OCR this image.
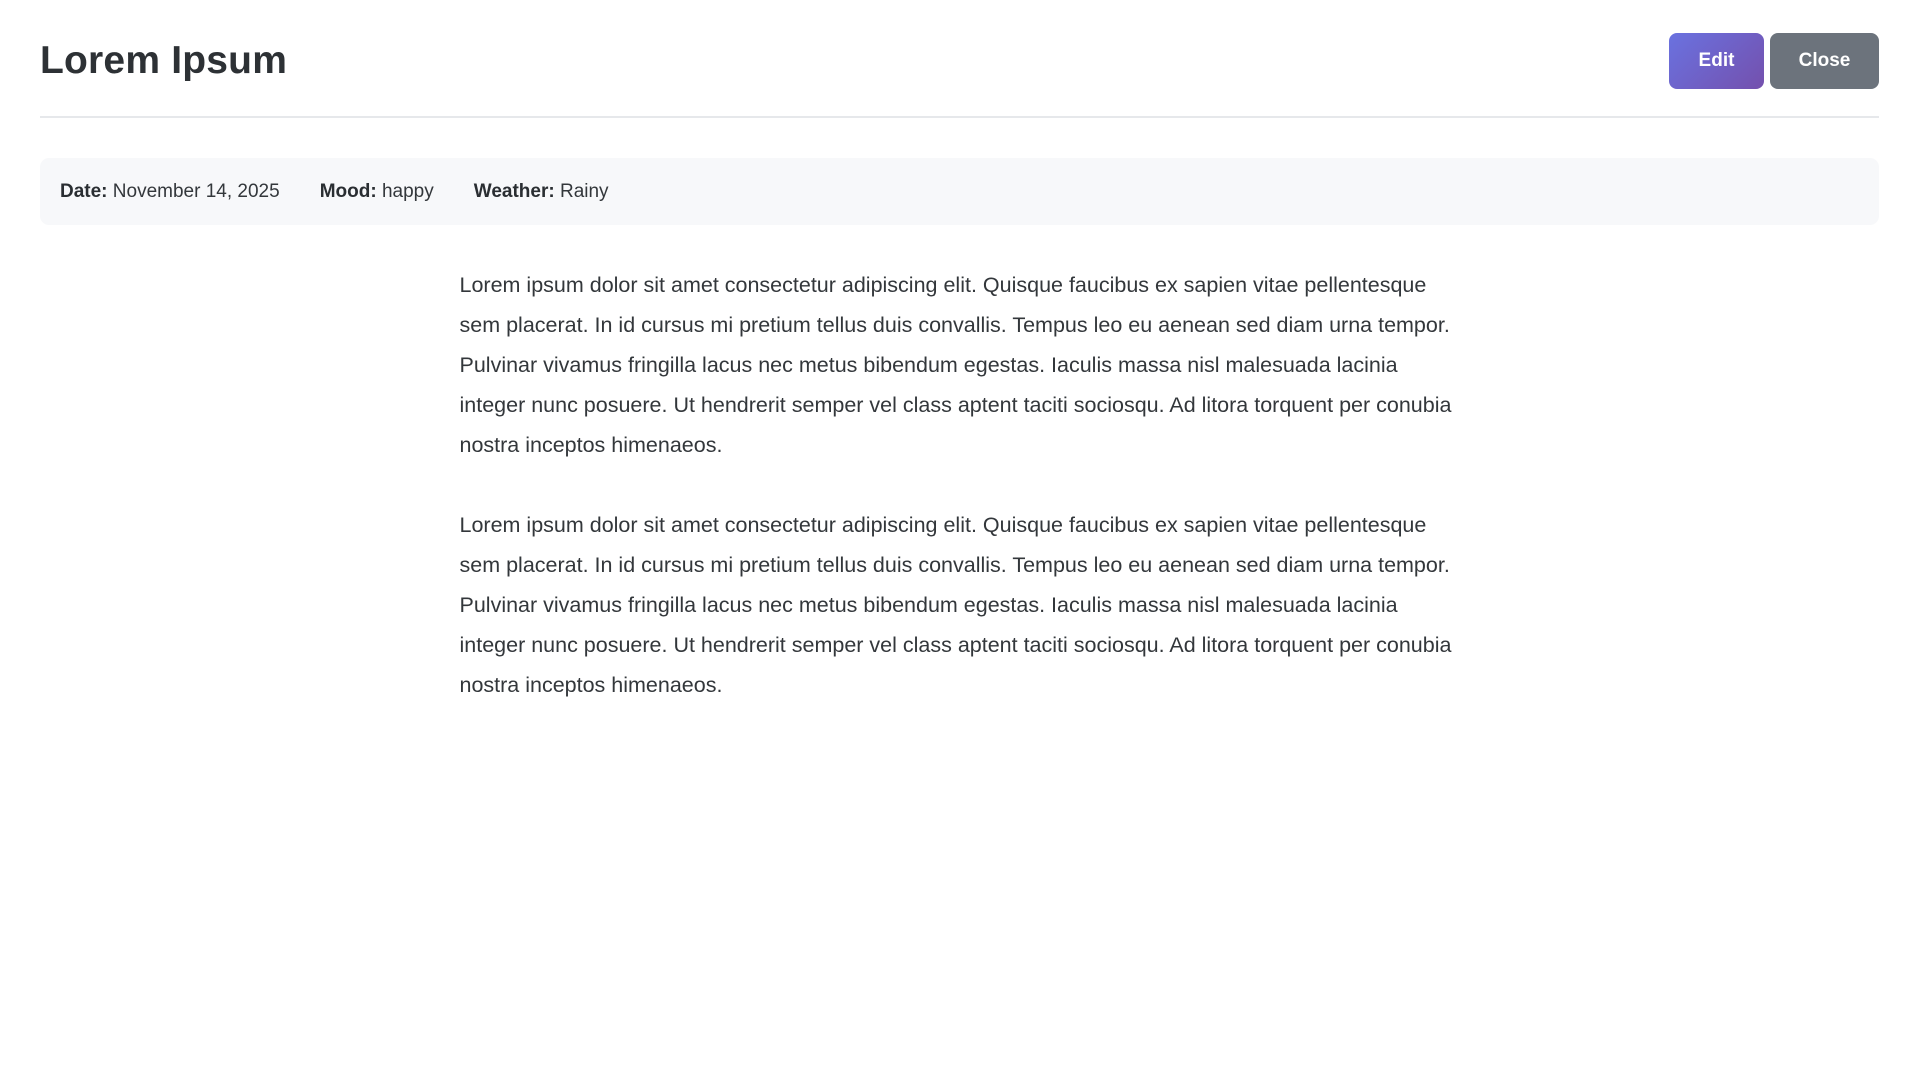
Lorem Ipsum	Edit	Close
Date: November 14, 2025 Mood: happy Weather: Rainy

Lorem ipsum dolor sit amet consectetur adipiscing elit. Quisque faucibus ex sapien vitae pellentesque sem placerat. In id cursus mi pretium tellus duis convallis. Tempus leo eu aenean sed diam urna tempor. Pulvinar vivamus fringilla lacus nec metus bibendum egestas. Iaculis massa nisl malesuada lacinia integer nunc posuere. Ut hendrerit semper vel class aptent taciti sociosqu. Ad litora torquent per conubia nostra inceptos himenaeos.

Lorem ipsum dolor sit amet consectetur adipiscing elit. Quisque faucibus ex sapien vitae pellentesque sem placerat. In id cursus mi pretium tellus duis convallis. Tempus leo eu aenean sed diam urna tempor. Pulvinar vivamus fringilla lacus nec metus bibendum egestas. Iaculis massa nisl malesuada lacinia integer nunc posuere. Ut hendrerit semper vel class aptent taciti sociosqu. Ad litora torquent per conubia nostra inceptos himenaeos.
